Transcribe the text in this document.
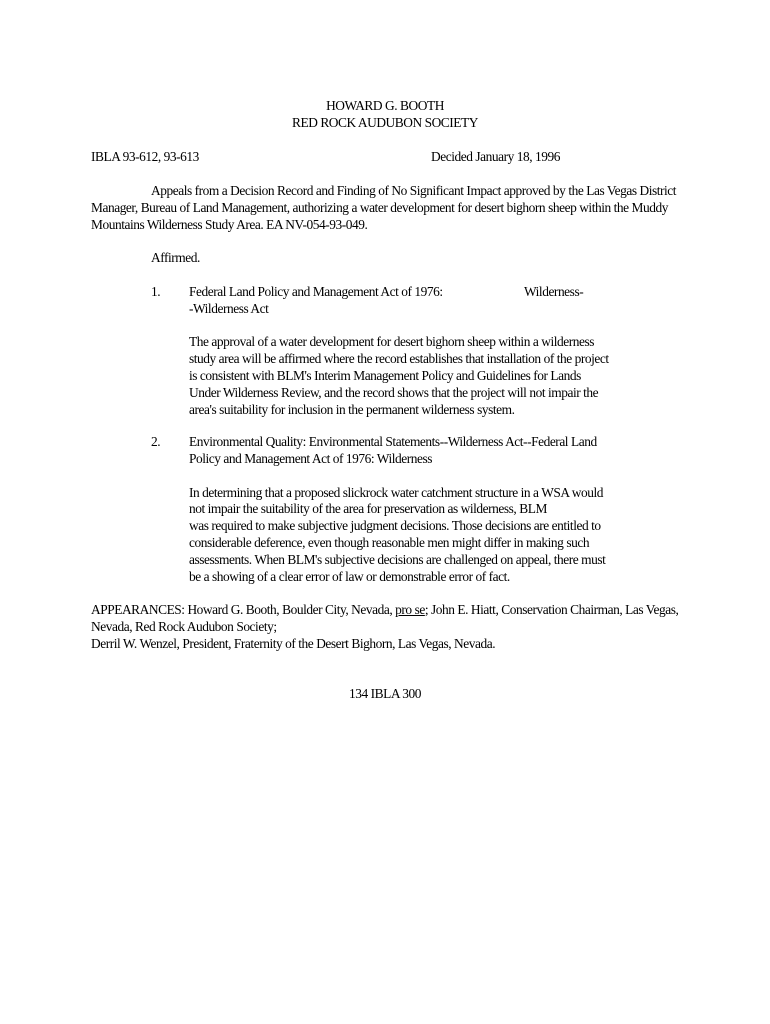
HOWARD G. BOOTH

RED ROCK AUDUBON SOCIETY

IBLA 93-612, 93-613	Decided January 18, 1996

Appeals from a Decision Record and Finding of No Significant Impact approved by the Las Vegas District

Manager, Bureau of Land Management, authorizing a water development for desert bighorn sheep within the Muddy

Mountains Wilderness Study Area. EA NV-054-93-049.

Affirmed.

1. Federal Land Policy and Management Act of 1976:	Wilderness-

-Wilderness Act

The approval of a water development for desert bighorn sheep within a wilderness

study area will be affirmed where the record establishes that installation of the project

is consistent with BLM's Interim Management Policy and Guidelines for Lands

Under Wilderness Review, and the record shows that the project will not impair the

area's suitability for inclusion in the permanent wilderness system.

2. Environmental Quality: Environmental Statements--Wilderness Act--Federal Land

Policy and Management Act of 1976: Wilderness

In determining that a proposed slickrock water catchment structure in a WSA would

not impair the suitability of the area for preservation as wilderness, BLM

was required to make subjective judgment decisions. Those decisions are entitled to

considerable deference, even though reasonable men might differ in making such

assessments. When BLM's subjective decisions are challenged on appeal, there must

be a showing of a clear error of law or demonstrable error of fact.

APPEARANCES: Howard G. Booth, Boulder City, Nevada, pro se; John E. Hiatt, Conservation Chairman, Las Vegas,

Nevada, Red Rock Audubon Society;

Derril W. Wenzel, President, Fraternity of the Desert Bighorn, Las Vegas, Nevada.

134 IBLA 300
